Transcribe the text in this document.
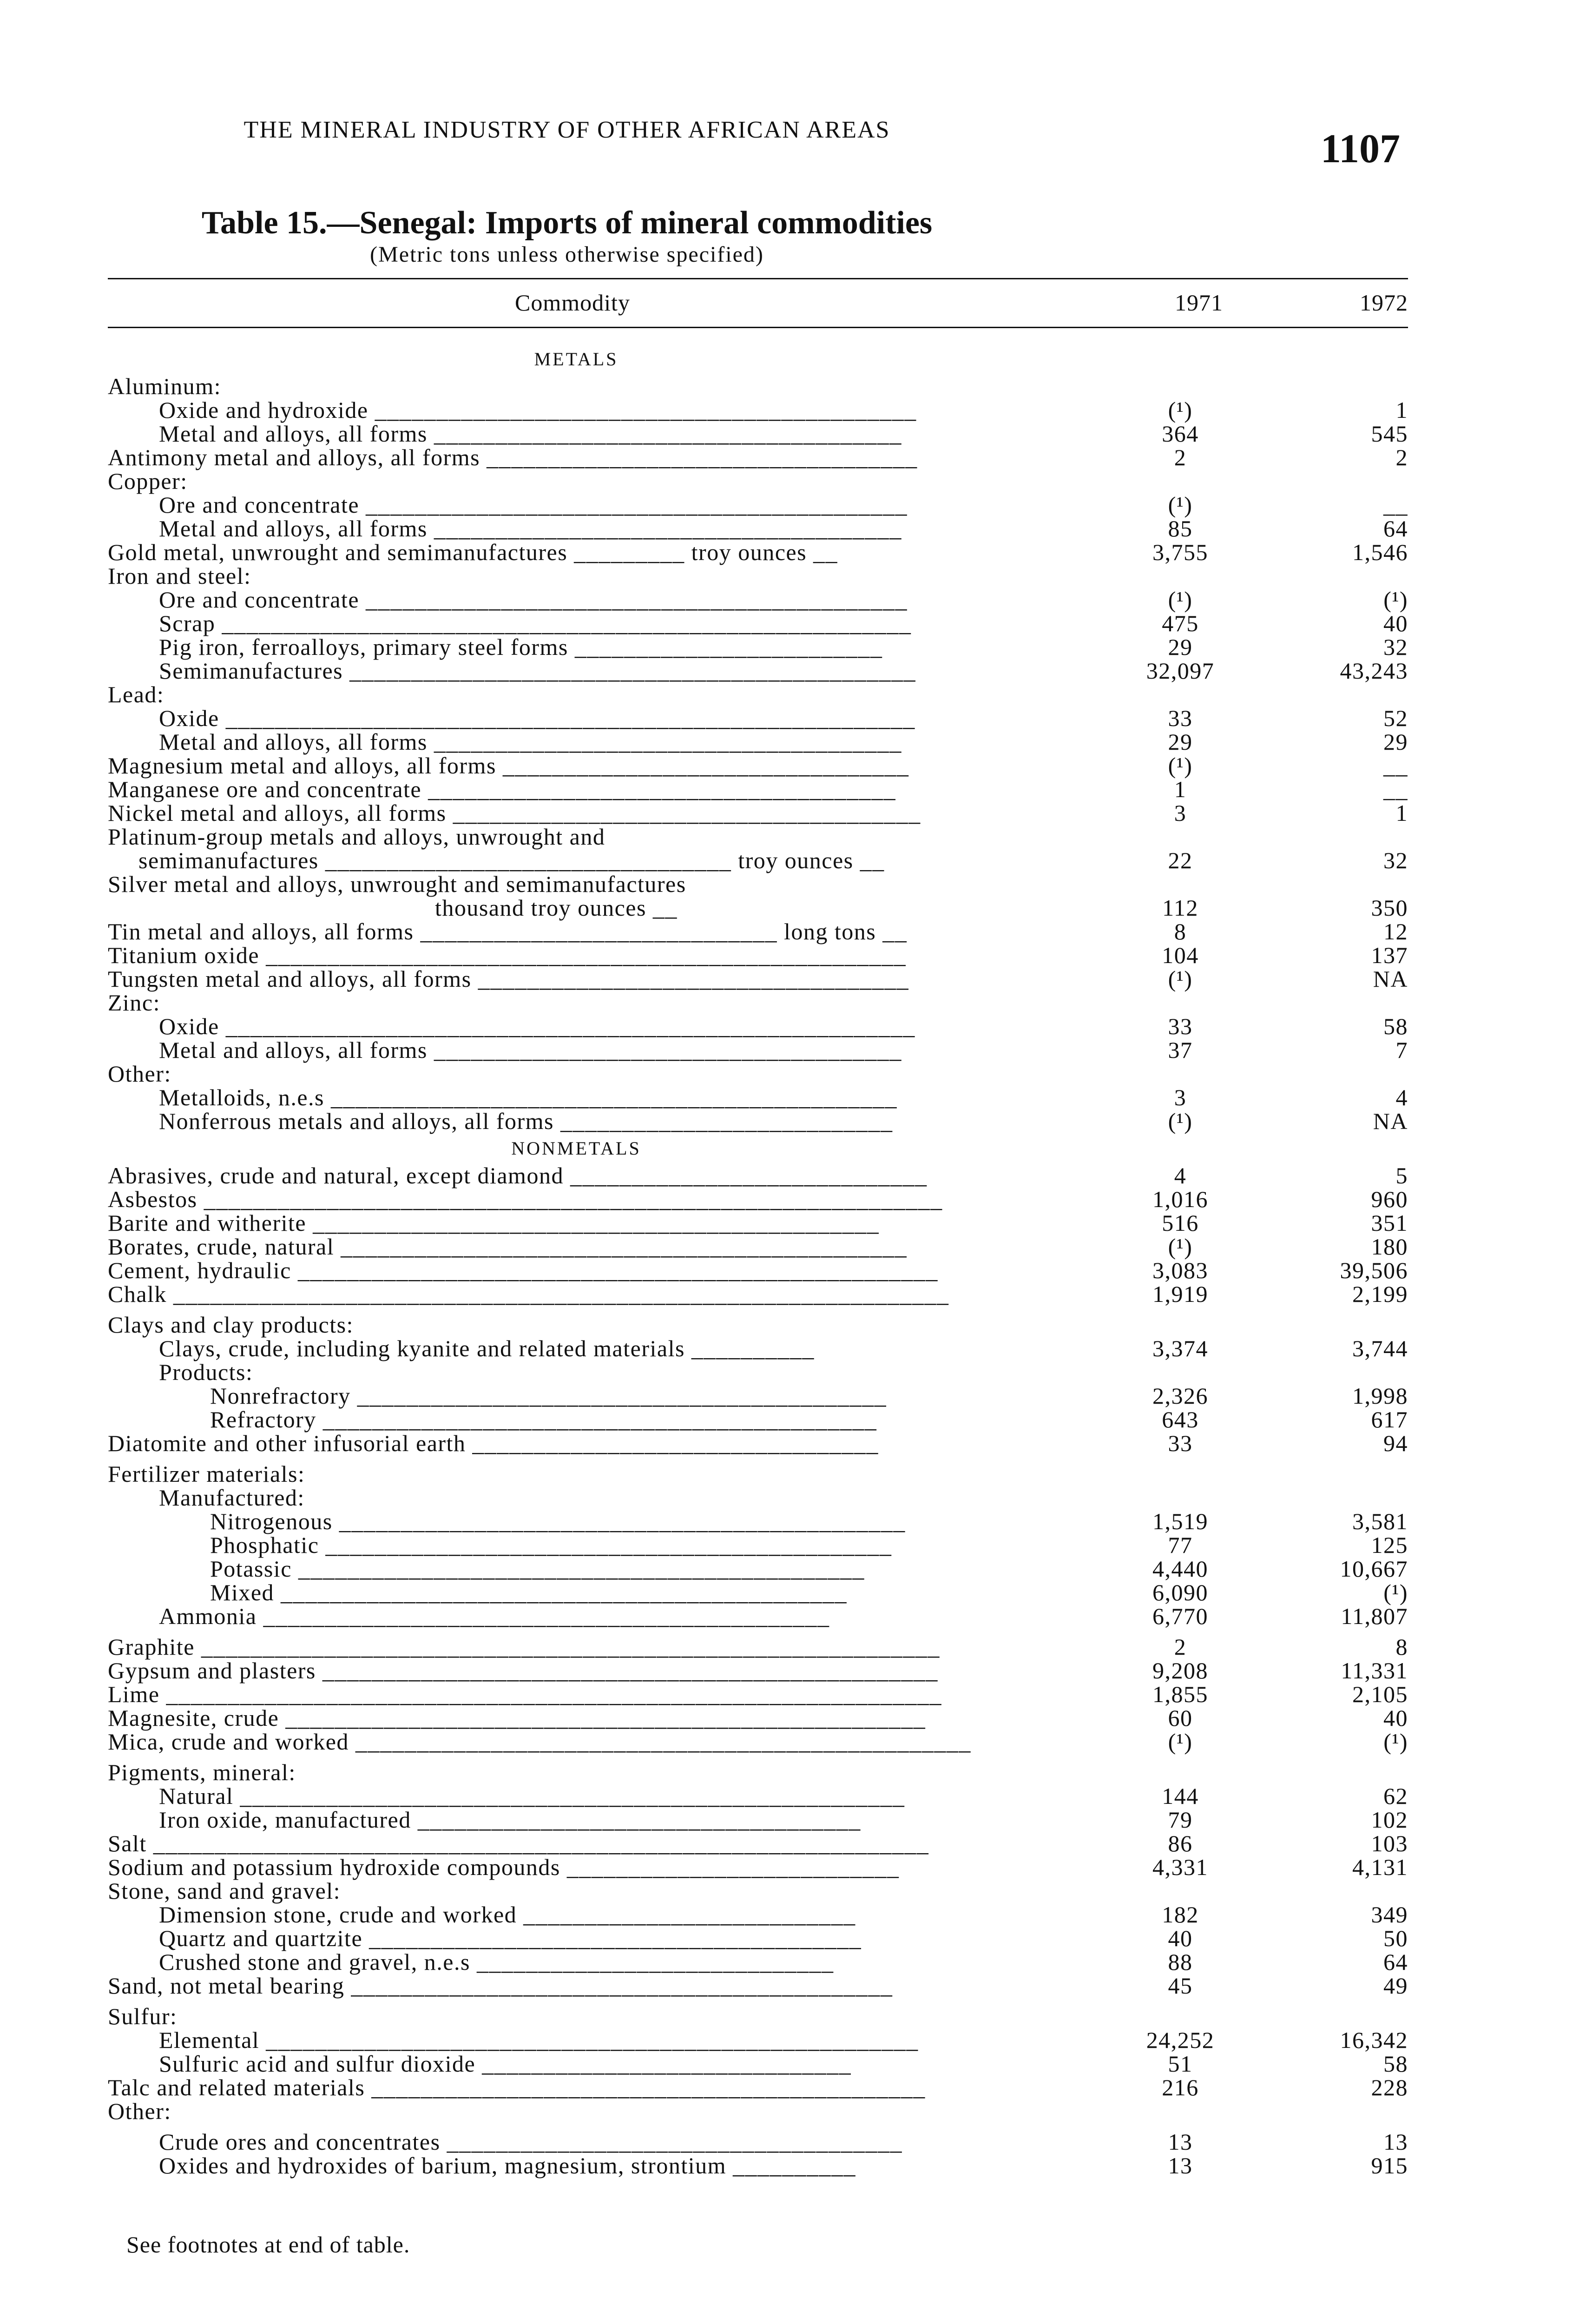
THE MINERAL INDUSTRY OF OTHER AFRICAN AREAS	1107
Table 15.—Senegal: Imports of mineral commodities
(Metric tons unless otherwise specified)
Commodity	1971	1972
METALS
Aluminum:
Oxide and hydroxide ____________________________________________	(¹)	1
Metal and alloys, all forms ______________________________________	364	545
Antimony metal and alloys, all forms ___________________________________	2	2
Copper:
Ore and concentrate ____________________________________________	(¹)	__
Metal and alloys, all forms ______________________________________	85	64
Gold metal, unwrought and semimanufactures _________ troy ounces __	3,755	1,546
Iron and steel:
Ore and concentrate ____________________________________________	(¹)	(¹)
Scrap ________________________________________________________	475	40
Pig iron, ferroalloys, primary steel forms _________________________	29	32
Semimanufactures ______________________________________________	32,097	43,243
Lead:
Oxide ________________________________________________________	33	52
Metal and alloys, all forms ______________________________________	29	29
Magnesium metal and alloys, all forms _________________________________	(¹)	__
Manganese ore and concentrate ______________________________________	1	__
Nickel metal and alloys, all forms ______________________________________	3	1
Platinum-group metals and alloys, unwrought and
semimanufactures _________________________________ troy ounces __	22	32
Silver metal and alloys, unwrought and semimanufactures
thousand troy ounces __	112	350
Tin metal and alloys, all forms _____________________________ long tons __	8	12
Titanium oxide ____________________________________________________	104	137
Tungsten metal and alloys, all forms ___________________________________	(¹)	NA
Zinc:
Oxide ________________________________________________________	33	58
Metal and alloys, all forms ______________________________________	37	7
Other:
Metalloids, n.e.s ______________________________________________	3	4
Nonferrous metals and alloys, all forms ___________________________	(¹)	NA
NONMETALS
Abrasives, crude and natural, except diamond _____________________________	4	5
Asbestos ____________________________________________________________	1,016	960
Barite and witherite ______________________________________________	516	351
Borates, crude, natural ______________________________________________	(¹)	180
Cement, hydraulic ____________________________________________________	3,083	39,506
Chalk _______________________________________________________________	1,919	2,199
Clays and clay products:
Clays, crude, including kyanite and related materials __________	3,374	3,744
Products:
Nonrefractory ___________________________________________	2,326	1,998
Refractory _____________________________________________	643	617
Diatomite and other infusorial earth _________________________________	33	94
Fertilizer materials:
Manufactured:
Nitrogenous ______________________________________________	1,519	3,581
Phosphatic ______________________________________________	77	125
Potassic ______________________________________________	4,440	10,667
Mixed ______________________________________________	6,090	(¹)
Ammonia ______________________________________________	6,770	11,807
Graphite ____________________________________________________________	2	8
Gypsum and plasters __________________________________________________	9,208	11,331
Lime _______________________________________________________________	1,855	2,105
Magnesite, crude ____________________________________________________	60	40
Mica, crude and worked __________________________________________________	(¹)	(¹)
Pigments, mineral:
Natural ______________________________________________________	144	62
Iron oxide, manufactured ____________________________________	79	102
Salt _______________________________________________________________	86	103
Sodium and potassium hydroxide compounds ___________________________	4,331	4,131
Stone, sand and gravel:
Dimension stone, crude and worked ___________________________	182	349
Quartz and quartzite ________________________________________	40	50
Crushed stone and gravel, n.e.s _____________________________	88	64
Sand, not metal bearing ____________________________________________	45	49
Sulfur:
Elemental _____________________________________________________	24,252	16,342
Sulfuric acid and sulfur dioxide ______________________________	51	58
Talc and related materials _____________________________________________	216	228
Other:
Crude ores and concentrates _____________________________________	13	13
Oxides and hydroxides of barium, magnesium, strontium __________	13	915
See footnotes at end of table.
